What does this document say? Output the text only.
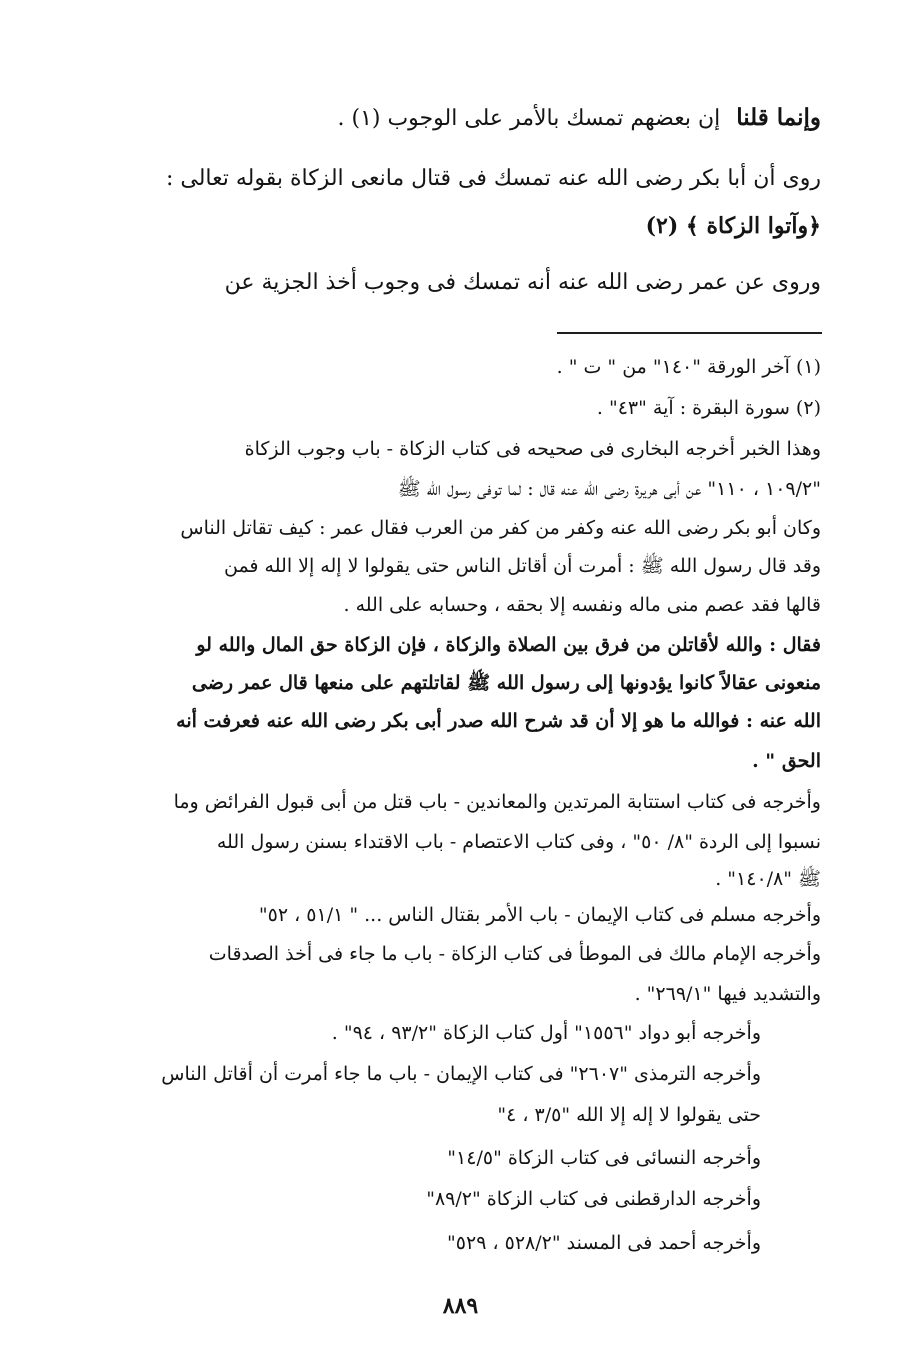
وإنما قلناإن بعضهم تمسك بالأمر على الوجوب (١) .
روى أن أبا بكر رضى الله عنه تمسك فى قتال مانعى الزكاة بقوله تعالى :
﴿وآتوا الزكاة ﴾ (٢)
وروى عن عمر رضى الله عنه أنه تمسك فى وجوب أخذ الجزية عن
(١) آخر الورقة "١٤٠" من " ت " .
(٢) سورة البقرة : آية "٤٣" .
وهذا الخبر أخرجه البخارى فى صحيحه فى كتاب الزكاة - باب وجوب الزكاة
"١٠٩/٢ ، ١١٠" عن أبى هريرة رضى الله عنه قال : لما توفى رسول الله ﷺ
وكان أبو بكر رضى الله عنه وكفر من كفر من العرب فقال عمر : كيف تقاتل الناس
وقد قال رسول الله ﷺ : أمرت أن أقاتل الناس حتى يقولوا لا إله إلا الله فمن
قالها فقد عصم منى ماله ونفسه إلا بحقه ، وحسابه على الله .
فقال : والله لأقاتلن من فرق بين الصلاة والزكاة ، فإن الزكاة حق المال والله لو
منعونى عقالاً كانوا يؤدونها إلى رسول الله ﷺ لقاتلتهم على منعها قال عمر رضى
الله عنه : فوالله ما هو إلا أن قد شرح الله صدر أبى بكر رضى الله عنه فعرفت أنه
الحق " .
وأخرجه فى كتاب استتابة المرتدين والمعاندين - باب قتل من أبى قبول الفرائض وما
نسبوا إلى الردة "٨/ ٥٠" ، وفى كتاب الاعتصام - باب الاقتداء بسنن رسول الله
ﷺ "١٤٠/٨" .
وأخرجه مسلم فى كتاب الإيمان - باب الأمر بقتال الناس ... " ٥١/١ ، ٥٢"
وأخرجه الإمام مالك فى الموطأ فى كتاب الزكاة - باب ما جاء فى أخذ الصدقات
والتشديد فيها "٢٦٩/١" .
وأخرجه أبو دواد "١٥٥٦" أول كتاب الزكاة "٩٣/٢ ، ٩٤" .
وأخرجه الترمذى "٢٦٠٧" فى كتاب الإيمان - باب ما جاء أمرت أن أقاتل الناس
حتى يقولوا لا إله إلا الله "٣/٥ ، ٤"
وأخرجه النسائى فى كتاب الزكاة "١٤/٥"
وأخرجه الدارقطنى فى كتاب الزكاة "٨٩/٢"
وأخرجه أحمد فى المسند "٥٢٨/٢ ، ٥٢٩"
٨٨٩
